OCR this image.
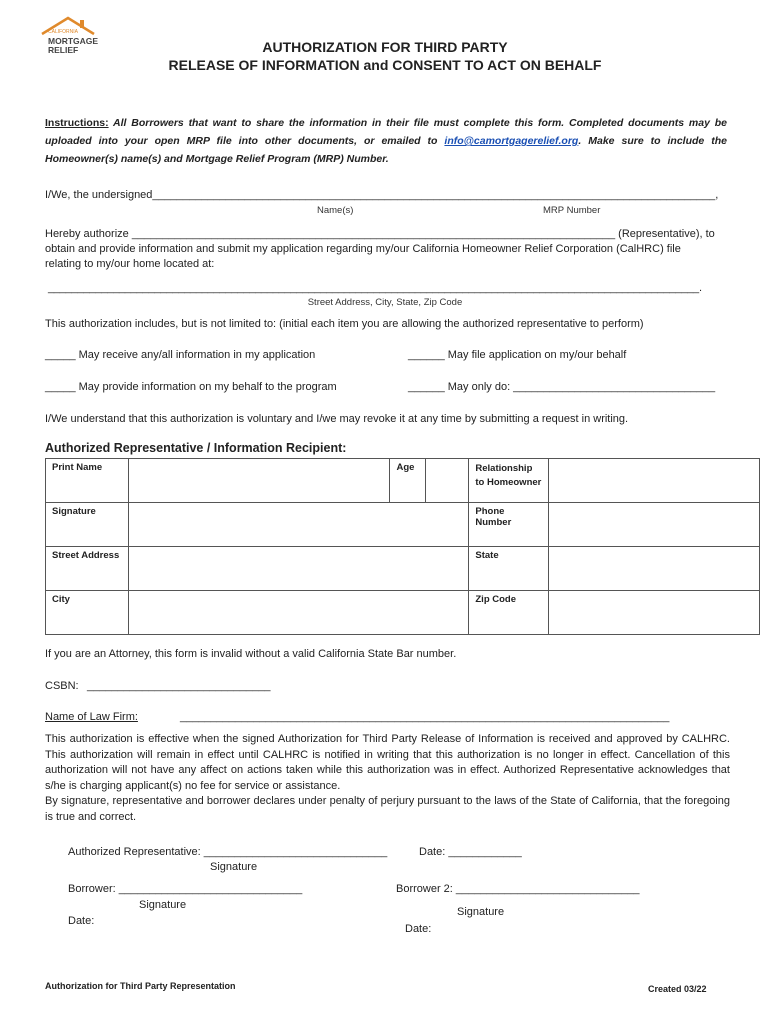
CALIFORNIA
MORTGAGE
RELIEF	AUTHORIZATION FOR THIRD PARTY
RELEASE OF INFORMATION and CONSENT TO ACT ON BEHALF
Instructions: All Borrowers that want to share the information in their file must complete this form. Completed documents may be uploaded into your open MRP file into other documents, or emailed to info@camortgagerelief.org. Make sure to include the Homeowner(s) name(s) and Mortgage Relief Program (MRP) Number.
I/We, the undersigned____________________________________________________________________________________________,
Name(s)	MRP Number
Hereby authorize _______________________________________________________________________________ (Representative), to
obtain and provide information and submit my application regarding my/our California Homeowner Relief Corporation (CalHRC) file
relating to my/our home located at:
______________________________________________________________________________________________________________.
Street Address, City, State, Zip Code
This authorization includes, but is not limited to: (initial each item you are allowing the authorized representative to perform)
_____ May receive any/all information in my application	______ May file application on my/our behalf
_____ May provide information on my behalf to the program	______ May only do: _________________________________
I/We understand that this authorization is voluntary and I/we may revoke it at any time by submitting a request in writing.
Authorized Representative / Information Recipient:
Print Name		Age		Relationship to Homeowner	
Signature				Phone Number	
Street Address				State	
City				Zip Code	
If you are an Attorney, this form is invalid without a valid California State Bar number.
CSBN: ______________________________
Name of Law Firm:	________________________________________________________________________________
This authorization is effective when the signed Authorization for Third Party Release of Information is received and approved by CALHRC. This authorization will remain in effect until CALHRC is notified in writing that this authorization is no longer in effect. Cancellation of this authorization will not have any affect on actions taken while this authorization was in effect. Authorized Representative acknowledges that s/he is charging applicant(s) no fee for service or assistance.
By signature, representative and borrower declares under penalty of perjury pursuant to the laws of the State of California, that the foregoing is true and correct.
Authorized Representative: ______________________________	Date: ____________
Signature
Borrower: ______________________________	Borrower 2: ______________________________
Signature
Signature
Date:
Date:
Authorization for Third Party Representation	Created 03/22
